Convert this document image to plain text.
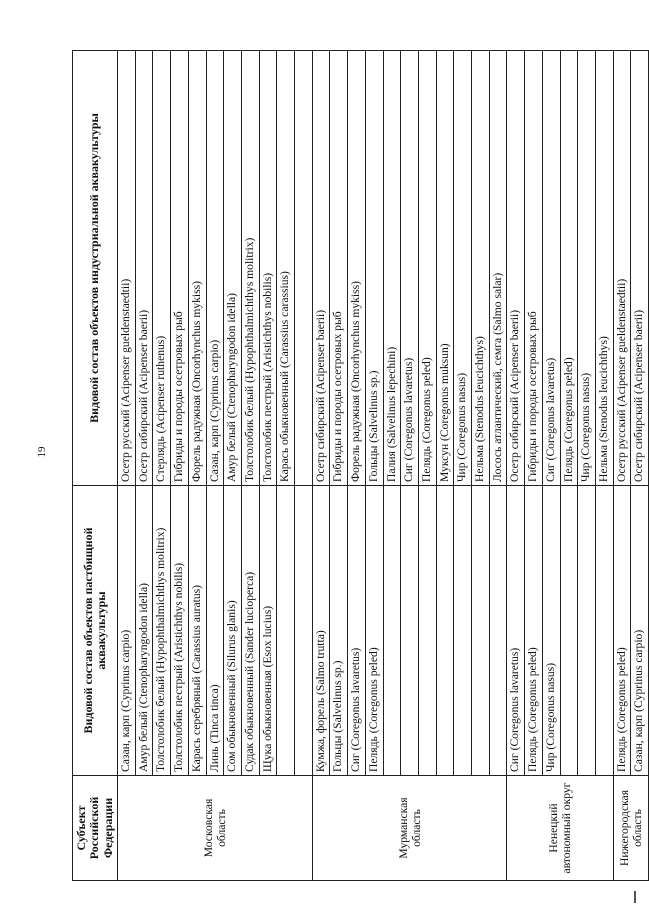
19
Субъект Российской Федерации	Видовой состав объектов пастбищной аквакультуры	Видовой состав объектов индустриальной аквакультуры
Московская область	Сазан, карп (Cyprinus carpio)	Осетр русский (Acipenser gueldenstaedtii)
	Амур белый (Ctenopharyngodon idella)	Осетр сибирский (Acipenser baerii)
	Толстолобик белый (Hypophthalmichthys molitrix)	Стерлядь (Acipenser ruthenus)
	Толстолобик пестрый (Aristichthys nobilis)	Гибриды и породы осетровых рыб
	Карась серебряный (Carassius auratus)	Форель радужная (Oncorhynchus mykiss)
	Линь (Tinca tinca)	Сазан, карп (Cyprinus carpio)
	Сом обыкновенный (Silurus glanis)	Амур белый (Ctenopharyngodon idella)
	Судак обыкновенный (Sander lucioperca)	Толстолобик белый (Hypophthalmichthys molitrix)
	Щука обыкновенная (Esox lucius)	Толстолобик пестрый (Aristichthys nobilis)
		Карась обыкновенный (Carassius carassius)

Мурманская область	Кумжа, форель (Salmo trutta)	Осетр сибирский (Acipenser baerii)
	Гольцы (Salvelinus sp.)	Гибриды и породы осетровых рыб
	Сиг (Coregonus lavaretus)	Форель радужная (Oncorhynchus mykiss)
	Пелядь (Coregonus peled)	Гольцы (Salvelinus sp.)
		Палия (Salvelinus lepechini)
		Сиг (Coregonus lavaretus)
		Пелядь (Coregonus peled)
		Муксун (Coregonus muksun)
		Чир (Coregonus nasus)
		Нельма (Stenodus leucichthys)
		Лосось атлантический, семга (Salmo salar)
Ненецкий автономный округ	Сиг (Coregonus lavaretus)	Осетр сибирский (Acipenser baerii)
	Пелядь (Coregonus peled)	Гибриды и породы осетровых рыб
	Чир (Coregonus nasus)	Сиг (Coregonus lavaretus)
		Пелядь (Coregonus peled)
		Чир (Coregonus nasus)
		Нельма (Stenodus leucichthys)
Нижегородская область	Пелядь (Coregonus peled)	Осетр русский (Acipenser gueldenstaedtii)
	Сазан, карп (Cyprinus carpio)	Осетр сибирский (Acipenser baerii)
